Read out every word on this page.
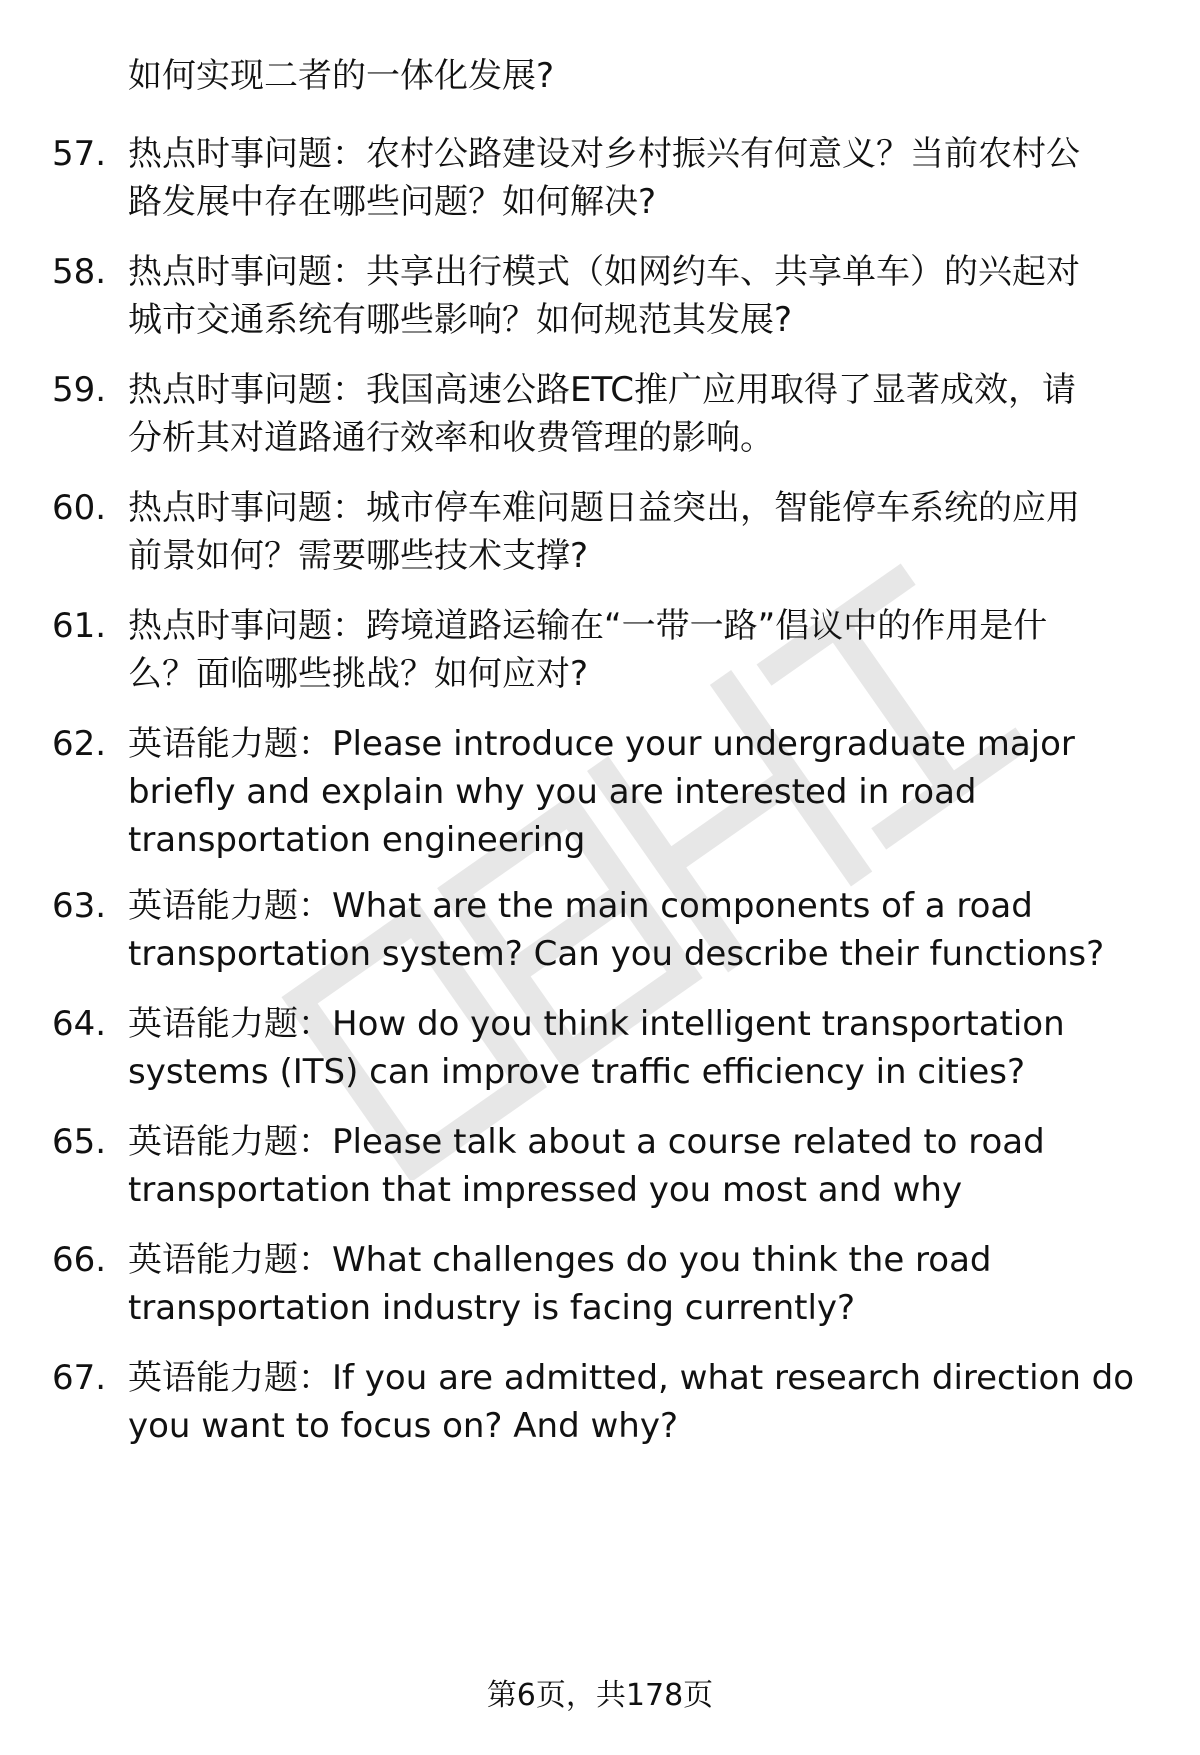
如何实现二者的一体化发展?
57. 热点时事问题：农村公路建设对乡村振兴有何意义？当前农村公
路发展中存在哪些问题？如何解决?
58. 热点时事问题：共享出行模式（如网约车、共享单车）的兴起对
城市交通系统有哪些影响？如何规范其发展?
59. 热点时事问题：我国高速公路ETC推广应用取得了显著成效，请
分析其对道路通行效率和收费管理的影响。
60. 热点时事问题：城市停车难问题日益突出，智能停车系统的应用
前景如何？需要哪些技术支撑?
61. 热点时事问题：跨境道路运输在“一带一路”倡议中的作用是什
么？面临哪些挑战？如何应对?
62. 英语能力题：Please introduce your undergraduate major
briefly and explain why you are interested in road
transportation engineering
63. 英语能力题：What are the main components of a road
transportation system? Can you describe their functions?
64. 英语能力题：How do you think intelligent transportation
systems (ITS) can improve traffic efficiency in cities?
65. 英语能力题：Please talk about a course related to road
transportation that impressed you most and why
66. 英语能力题：What challenges do you think the road
transportation industry is facing currently?
67. 英语能力题：If you are admitted, what research direction do
you want to focus on? And why?
第6页，共178页
